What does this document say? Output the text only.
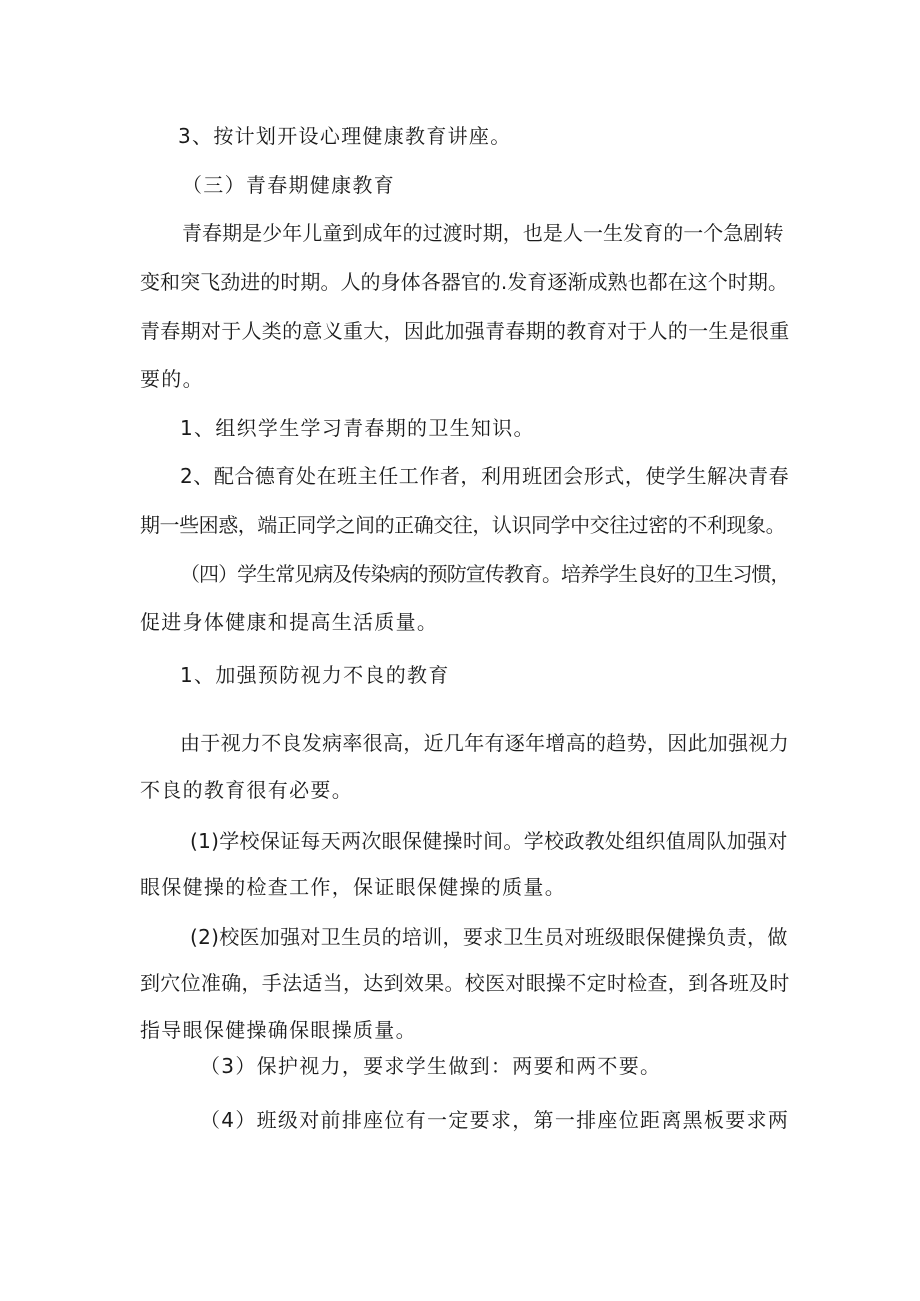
3、按计划开设心理健康教育讲座。
（三）青春期健康教育
青春期是少年儿童到成年的过渡时期，也是人一生发育的一个急剧转
变和突飞劲进的时期。人的身体各器官的.发育逐渐成熟也都在这个时期。
青春期对于人类的意义重大，因此加强青春期的教育对于人的一生是很重
要的。
1、组织学生学习青春期的卫生知识。
2、配合德育处在班主任工作者，利用班团会形式，使学生解决青春
期一些困惑，端正同学之间的正确交往，认识同学中交往过密的不利现象。
（四）学生常见病及传染病的预防宣传教育。培养学生良好的卫生习惯，
促进身体健康和提高生活质量。
1、加强预防视力不良的教育
由于视力不良发病率很高，近几年有逐年增高的趋势，因此加强视力
不良的教育很有必要。
(1)学校保证每天两次眼保健操时间。学校政教处组织值周队加强对
眼保健操的检查工作，保证眼保健操的质量。
(2)校医加强对卫生员的培训，要求卫生员对班级眼保健操负责，做
到穴位准确，手法适当，达到效果。校医对眼操不定时检查，到各班及时
指导眼保健操确保眼操质量。
（3）保护视力，要求学生做到：两要和两不要。
（4）班级对前排座位有一定要求，第一排座位距离黑板要求两
